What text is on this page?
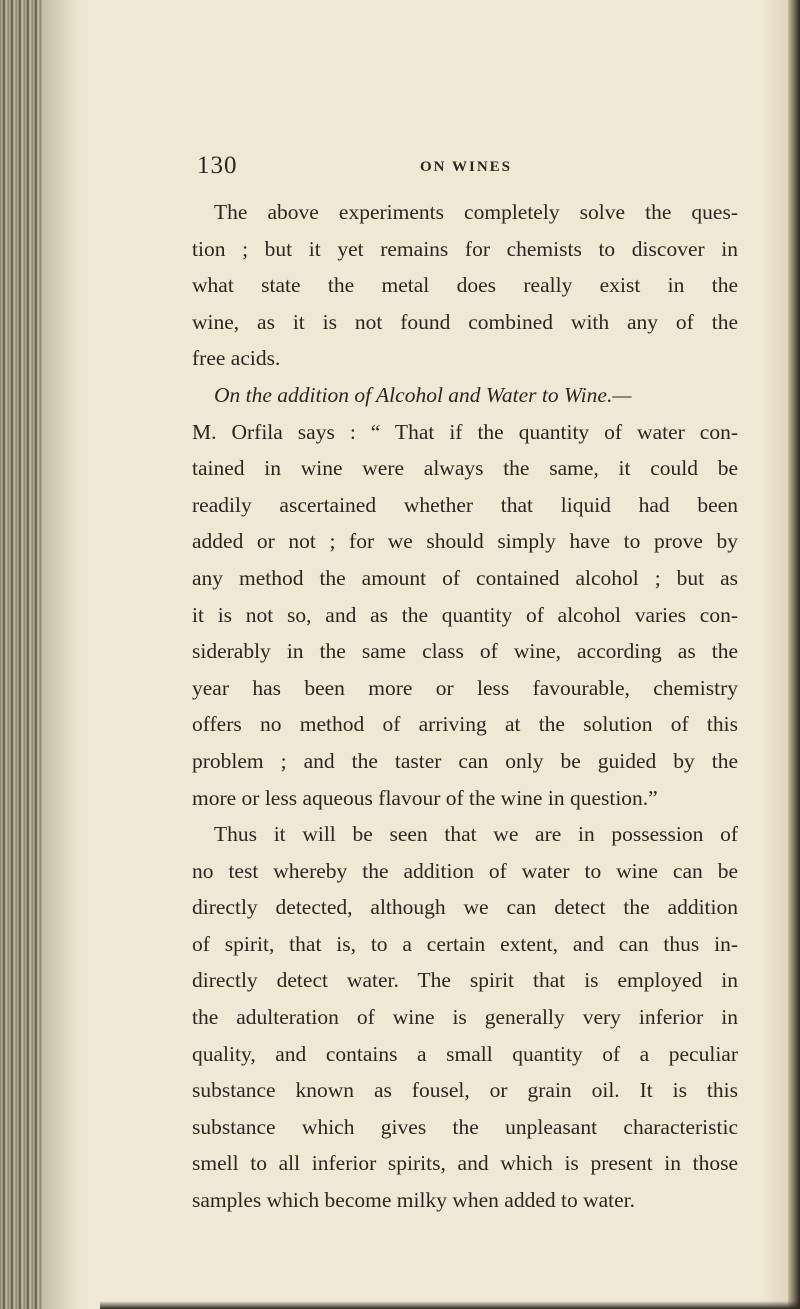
130	ON WINES
The above experiments completely solve the ques-
tion ; but it yet remains for chemists to discover in
what state the metal does really exist in the
wine, as it is not found combined with any of the
free acids.
On the addition of Alcohol and Water to Wine.—
M. Orfila says : “ That if the quantity of water con-
tained in wine were always the same, it could be
readily ascertained whether that liquid had been
added or not ; for we should simply have to prove by
any method the amount of contained alcohol ; but as
it is not so, and as the quantity of alcohol varies con-
siderably in the same class of wine, according as the
year has been more or less favourable, chemistry
offers no method of arriving at the solution of this
problem ; and the taster can only be guided by the
more or less aqueous flavour of the wine in question.”
Thus it will be seen that we are in possession of
no test whereby the addition of water to wine can be
directly detected, although we can detect the addition
of spirit, that is, to a certain extent, and can thus in-
directly detect water. The spirit that is employed in
the adulteration of wine is generally very inferior in
quality, and contains a small quantity of a peculiar
substance known as fousel, or grain oil. It is this
substance which gives the unpleasant characteristic
smell to all inferior spirits, and which is present in those
samples which become milky when added to water.
